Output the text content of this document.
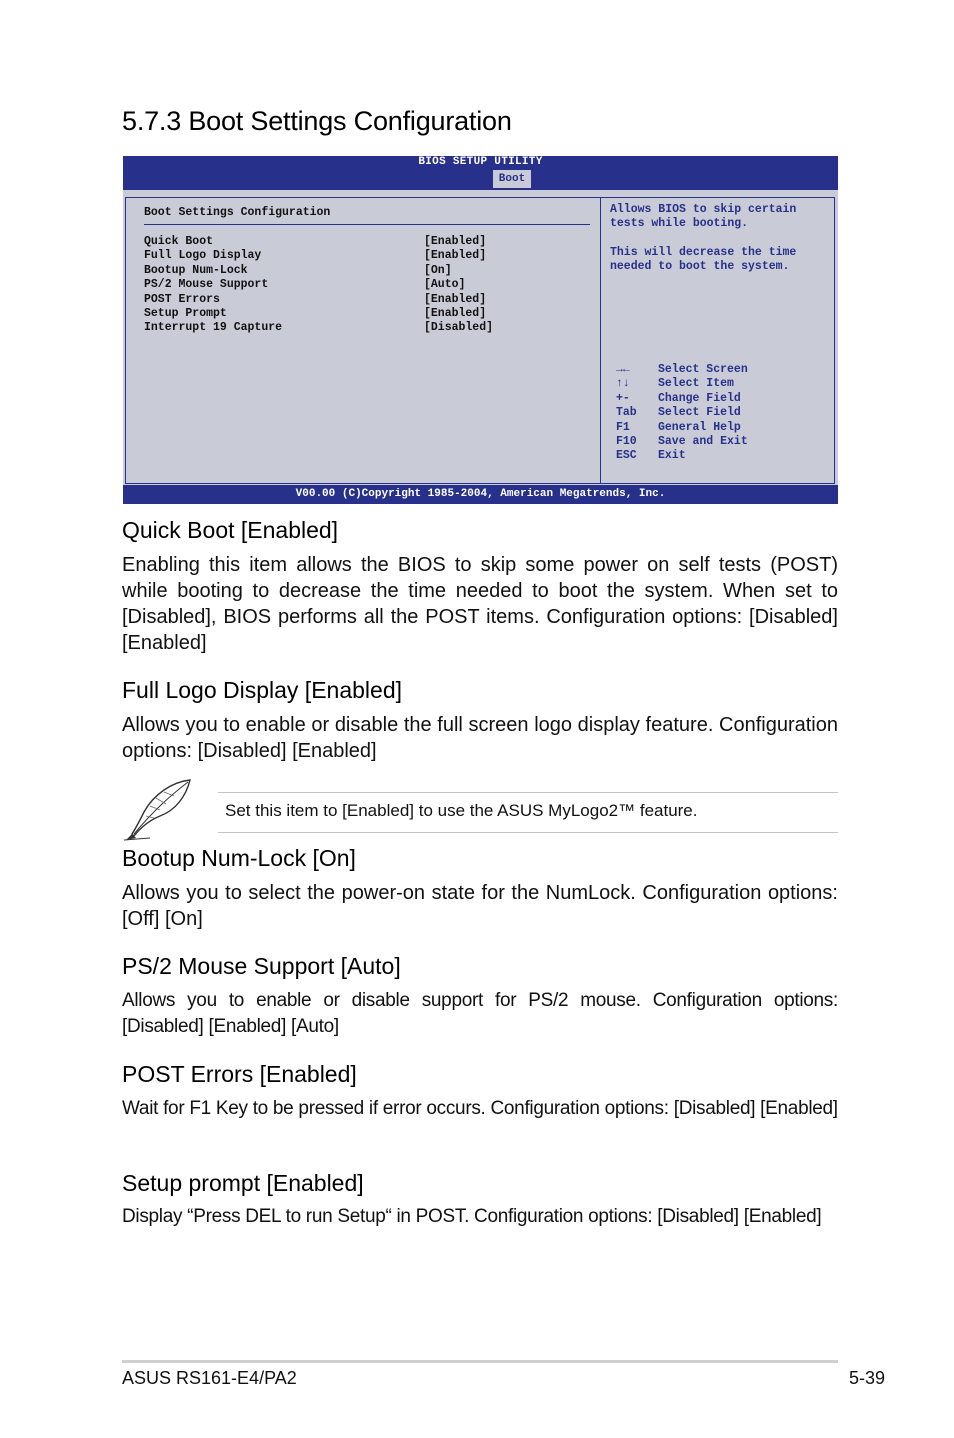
5.7.3 Boot Settings Configuration
BIOS SETUP UTILITY
Boot
Boot Settings Configuration
Quick Boot	[Enabled]
Full Logo Display	[Enabled]
Bootup Num-Lock	[On]
PS/2 Mouse Support	[Auto]
POST Errors	[Enabled]
Setup Prompt	[Enabled]
Interrupt 19 Capture	[Disabled]

Allows BIOS to skip certain
tests while booting.

This will decrease the time
needed to boot the system.

→← Select Screen
↑↓ Select Item
+- Change Field
Tab Select Field
F1 General Help
F10 Save and Exit
ESC Exit
V00.00 (C)Copyright 1985-2004, American Megatrends, Inc.
Quick Boot [Enabled]

Enabling this item allows the BIOS to skip some power on self tests (POST) while booting to decrease the time needed to boot the system. When set to [Disabled], BIOS performs all the POST items. Configuration options: [Disabled] [Enabled]

Full Logo Display [Enabled]

Allows you to enable or disable the full screen logo display feature. Configuration options: [Disabled] [Enabled]

Set this item to [Enabled] to use the ASUS MyLogo2™ feature.
Bootup Num-Lock [On]

Allows you to select the power-on state for the NumLock. Configuration options: [Off] [On]

PS/2 Mouse Support [Auto]

Allows you to enable or disable support for PS/2 mouse. Configuration options: [Disabled] [Enabled] [Auto]

POST Errors [Enabled]

Wait for F1 Key to be pressed if error occurs. Configuration options: [Disabled] [Enabled]

Setup prompt [Enabled]

Display “Press DEL to run Setup“ in POST. Configuration options: [Disabled] [Enabled]

ASUS RS161-E4/PA2	5-39
